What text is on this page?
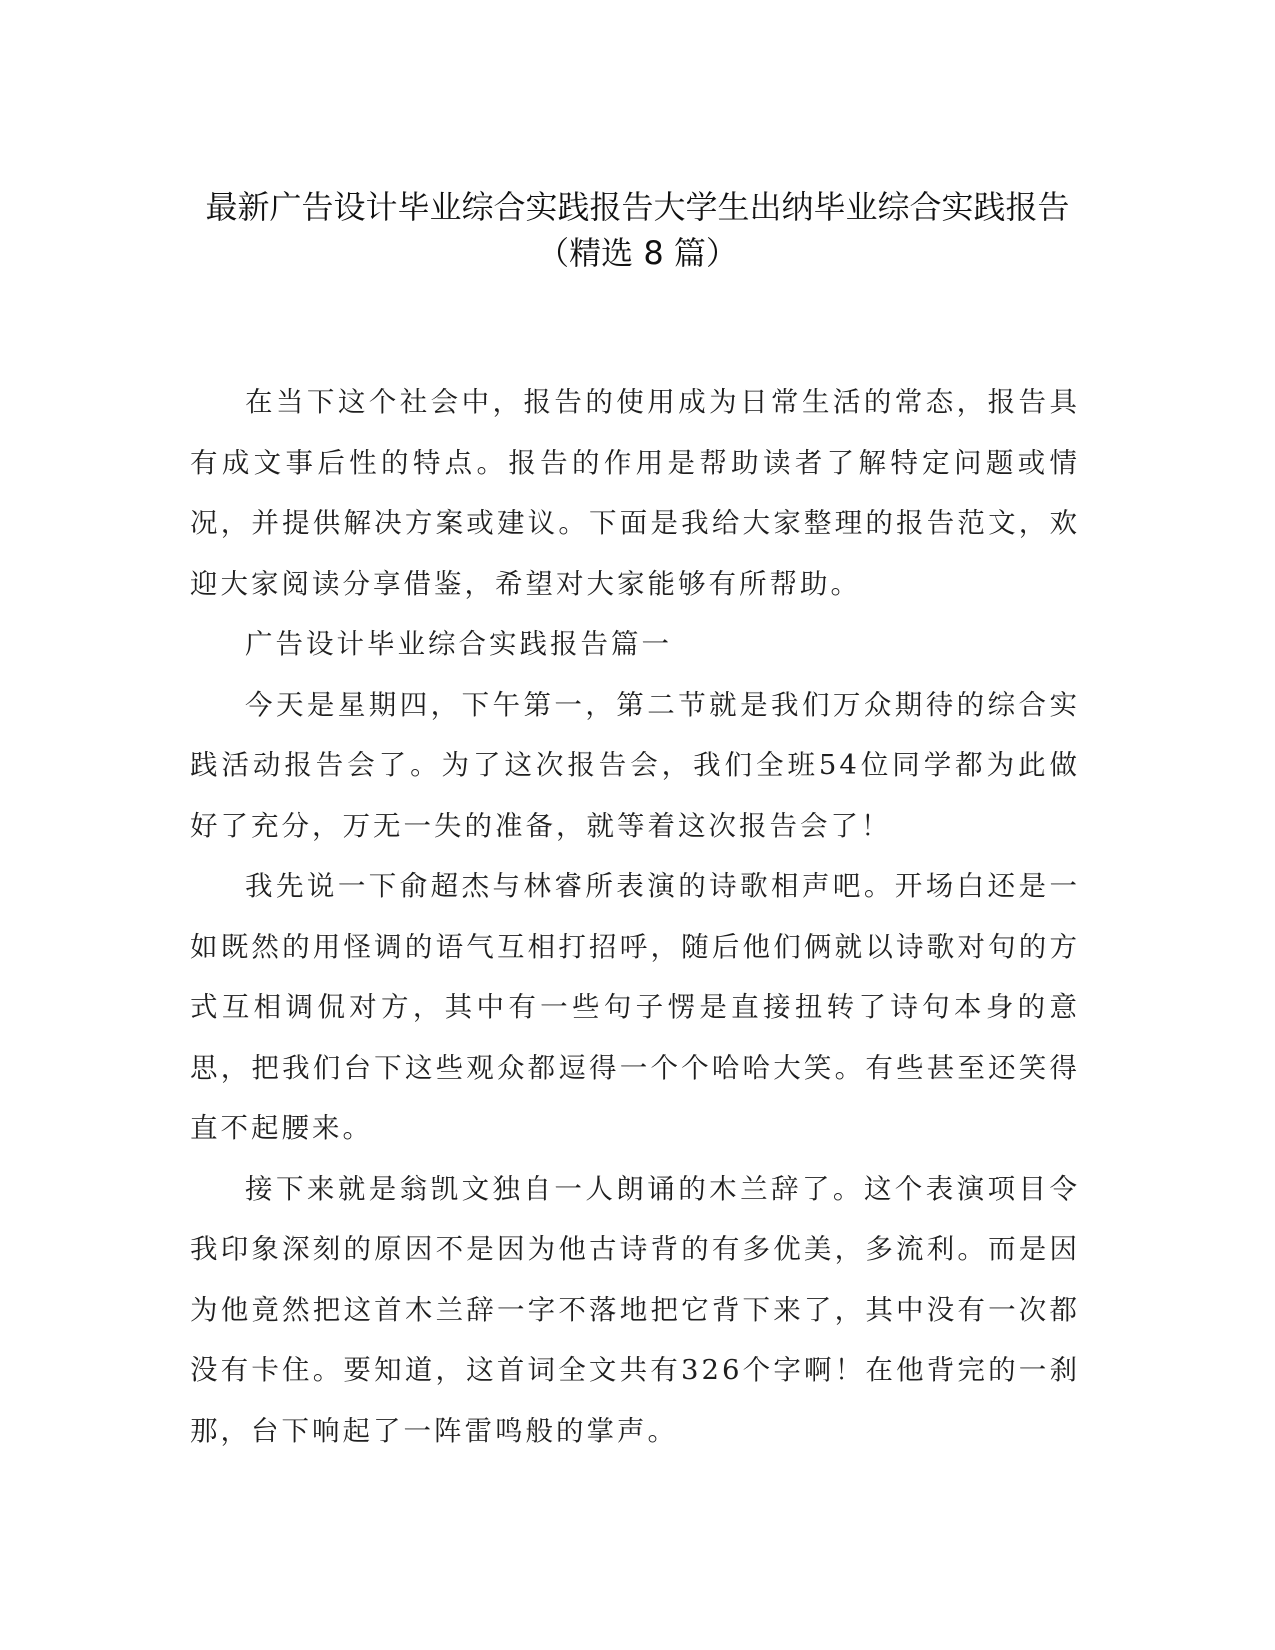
最新广告设计毕业综合实践报告大学生出纳毕业综合实践报告
（精选 8 篇）

在当下这个社会中，报告的使用成为日常生活的常态，报告具有成文事后性的特点。报告的作用是帮助读者了解特定问题或情况，并提供解决方案或建议。下面是我给大家整理的报告范文，欢迎大家阅读分享借鉴，希望对大家能够有所帮助。

广告设计毕业综合实践报告篇一

今天是星期四，下午第一，第二节就是我们万众期待的综合实践活动报告会了。为了这次报告会，我们全班54位同学都为此做好了充分，万无一失的准备，就等着这次报告会了！

我先说一下俞超杰与林睿所表演的诗歌相声吧。开场白还是一如既然的用怪调的语气互相打招呼，随后他们俩就以诗歌对句的方式互相调侃对方，其中有一些句子愣是直接扭转了诗句本身的意思，把我们台下这些观众都逗得一个个哈哈大笑。有些甚至还笑得直不起腰来。

接下来就是翁凯文独自一人朗诵的木兰辞了。这个表演项目令我印象深刻的原因不是因为他古诗背的有多优美，多流利。而是因为他竟然把这首木兰辞一字不落地把它背下来了，其中没有一次都没有卡住。要知道，这首词全文共有326个字啊！在他背完的一刹那，台下响起了一阵雷鸣般的掌声。
